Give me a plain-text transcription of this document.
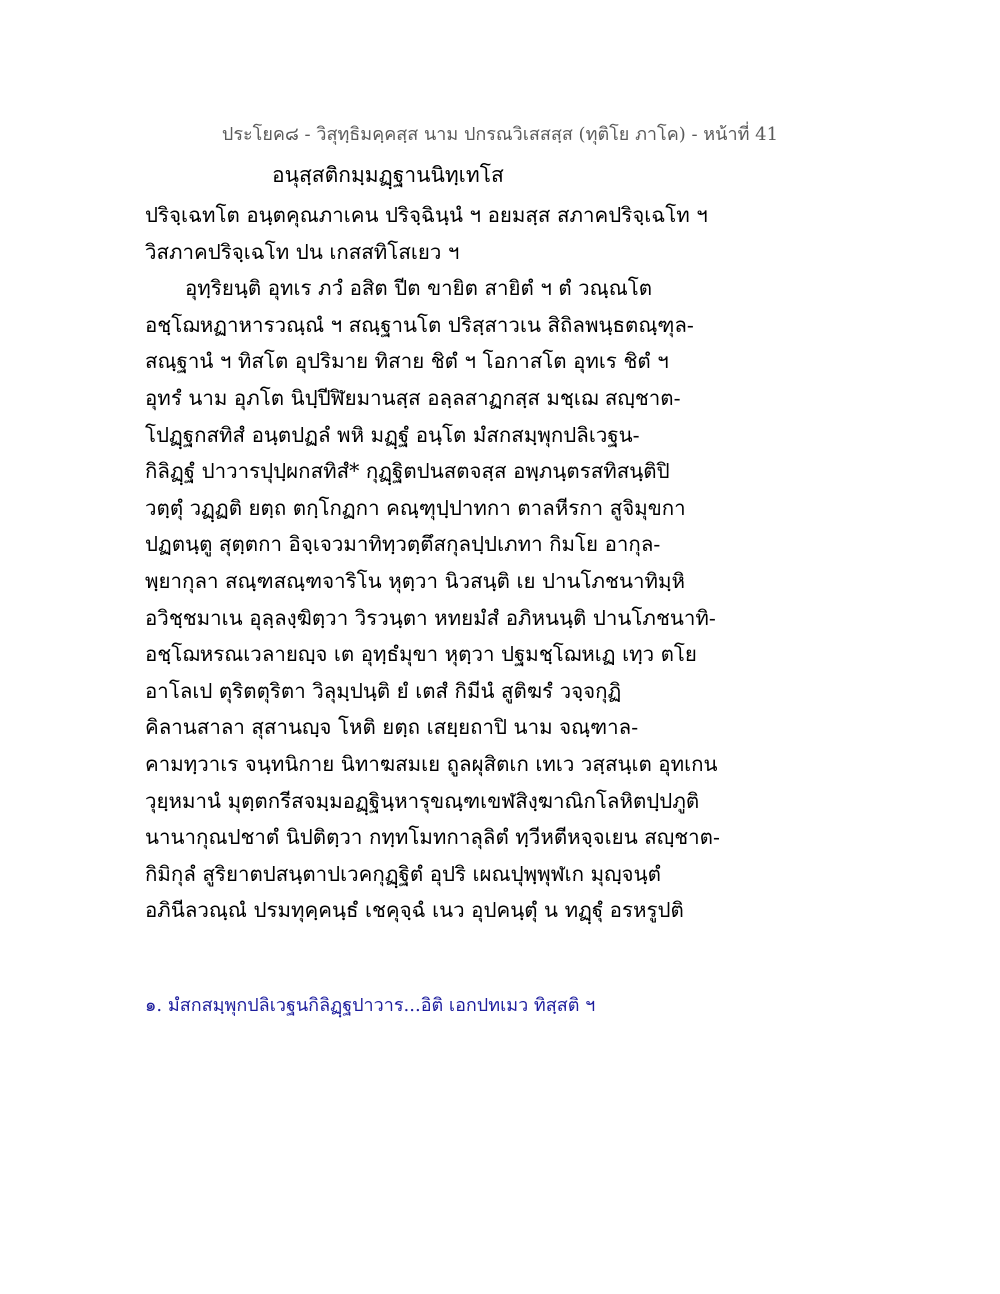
ประโยค๘ - วิสุทฺธิมคฺคสฺส นาม ปกรณวิเสสสฺส (ทุติโย ภาโค) - หน้าที่ 41
อนุสฺสติกมฺมฏฺฐานนิทฺเทโส
ปริจฺเฉทโต อนฺตคุณภาเคน ปริจฺฉินฺนํ ฯ อยมสฺส สภาคปริจฺเฉโท ฯ
วิสภาคปริจฺเฉโท ปน เกสสทิโสเยว ฯ
อุทฺริยนฺติ อุทเร ภวํ อสิต ปีต ขายิต สายิตํ ฯ ตํ วณฺณโต
อชฺโฌหฏาหารวณฺณํ ฯ สณฺฐานโต ปริสฺสาวเน สิถิลพนฺธตณฺฑุล-
สณฺฐานํ ฯ ทิสโต อุปริมาย ทิสาย ชิตํ ฯ โอกาสโต อุทเร ชิตํ ฯ
อุทรํ นาม อุภโต นิปฺปีฬิยมานสฺส อลฺลสาฏกสฺส มชฺเฌ สญฺชาต-
โปฏฺฐกสทิสํ อนฺตปฏลํ พหิ มฏฺฐํ อนฺโต มํสกสมฺพุกปลิเวฐน-
กิลิฏฺฐํ ปาวารปุปฺผกสทิสํ* กุฏฺฐิตปนสตจสฺส อพฺภนฺตรสทิสนฺติปิ
วตฺตุํ วฏฺฏติ ยตฺถ ตกฺโกฏกา คณฺฑุปฺปาทกา ตาลหีรกา สูจิมุขกา
ปฏตนฺตู สุตฺตกา อิจฺเจวมาทิทฺวตฺตึสกุลปฺปเภทา กิมโย อากุล-
พฺยากุลา สณฺฑสณฺฑจาริโน หุตฺวา นิวสนฺติ เย ปานโภชนาทิมฺหิ
อวิชฺชมาเน อุลฺลงฺฆิตฺวา วิรวนฺตา หทยมํสํ อภิหนนฺติ ปานโภชนาทิ-
อชฺโฌหรณเวลายญฺจ เต อุทฺธํมุขา หุตฺวา ปฐมชฺโฌหเฏ เทฺว ตโย
อาโลเป ตุริตตุริตา วิลุมฺปนฺติ ยํ เตสํ กิมีนํ สูติฆรํ วจฺจกุฏิ
คิลานสาลา สุสานญฺจ โหติ ยตฺถ เสยฺยถาปิ นาม จณฺฑาล-
คามทฺวาเร จนฺทนิกาย นิทาฆสมเย ถูลผุสิตเก เทเว วสฺสนฺเต อุทเกน
วุยฺหมานํ มุตฺตกรีสจมฺมอฏฺฐินฺหารุขณฺฑเขฬสิงฺฆาณิกโลหิตปฺปภูติ
นานากุณปชาตํ นิปติตฺวา กทฺทโมทกาลุลิตํ ทฺวีหตีหจฺจเยน สญฺชาต-
กิมิกุลํ สูริยาตปสนฺตาปเวคกุฏฺฐิตํ อุปริ เผณปุพฺพุฬเก มุญฺจนฺตํ
อภินีลวณฺณํ ปรมทุคฺคนฺธํ เชคุจฺฉํ เนว อุปคนฺตุํ น ทฏฺฐุํ อรหรูปติ
๑. มํสกสมฺพุกปลิเวฐนกิลิฏฺฐปาวาร...อิติ เอกปทเมว ทิสฺสติ ฯ
